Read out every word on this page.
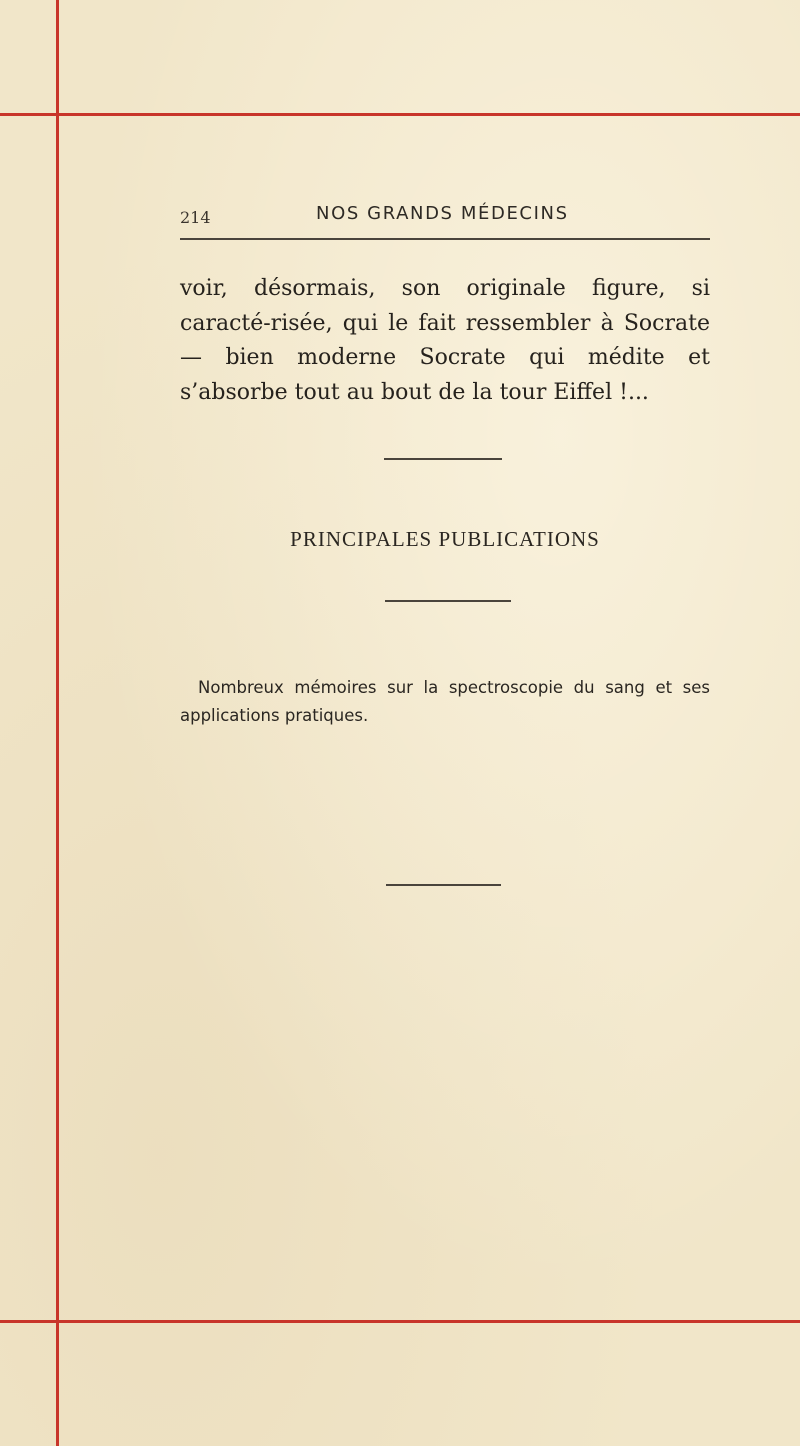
214	NOS GRANDS MÉDECINS

voir, désormais, son originale figure, si caracté-risée, qui le fait ressembler à Socrate — bien moderne Socrate qui médite et s’absorbe tout au bout de la tour Eiffel !...

PRINCIPALES PUBLICATIONS

Nombreux mémoires sur la spectroscopie du sang et ses applications pratiques.
